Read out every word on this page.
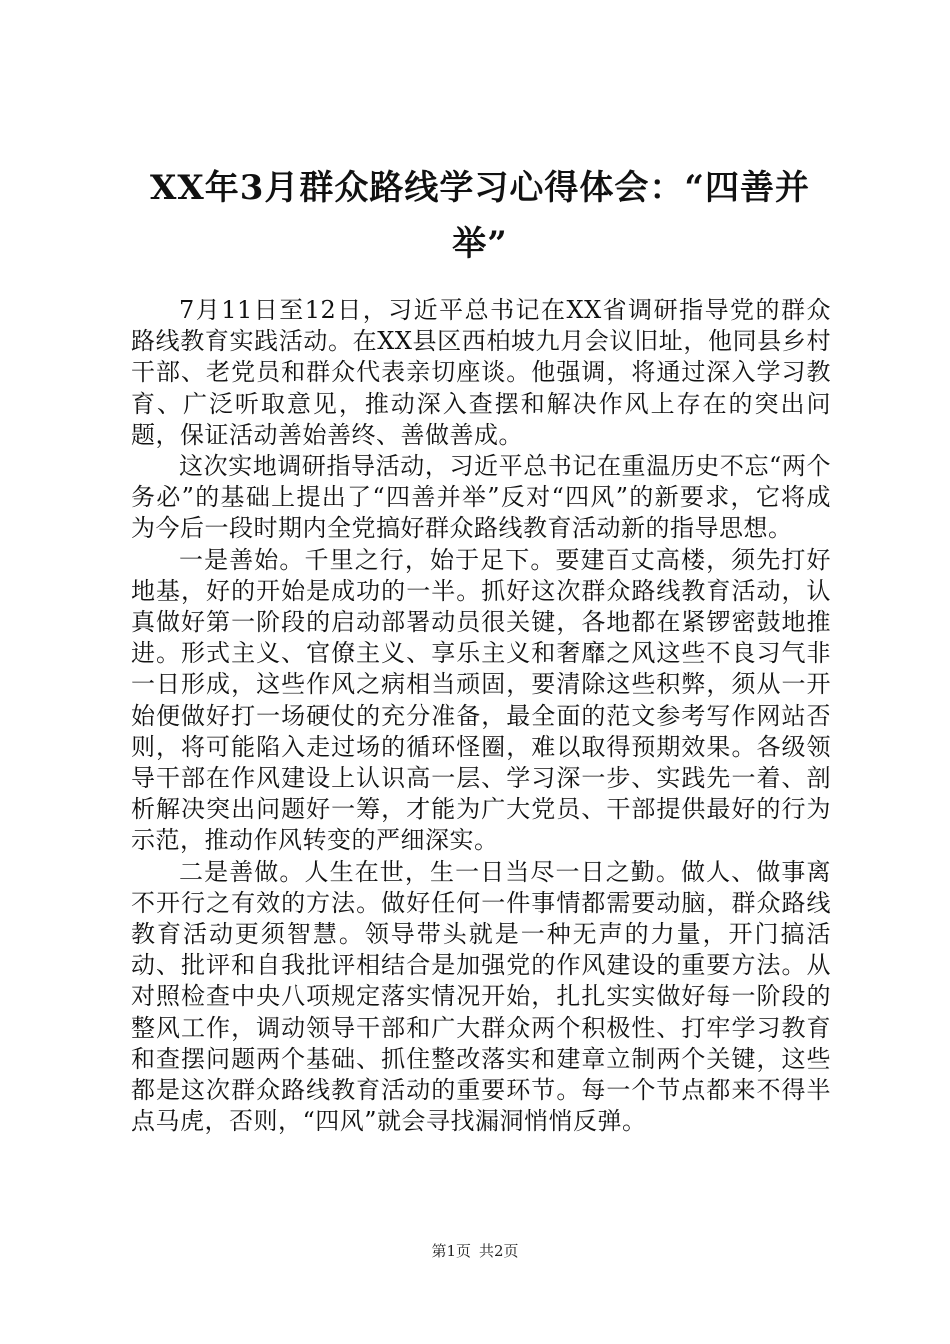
XX年3月群众路线学习心得体会：“四善并举”

7月11日至12日，习近平总书记在XX省调研指导党的群众路线教育实践活动。在XX县区西柏坡九月会议旧址，他同县乡村干部、老党员和群众代表亲切座谈。他强调，将通过深入学习教育、广泛听取意见，推动深入查摆和解决作风上存在的突出问题，保证活动善始善终、善做善成。

这次实地调研指导活动，习近平总书记在重温历史不忘“两个务必”的基础上提出了“四善并举”反对“四风”的新要求，它将成为今后一段时期内全党搞好群众路线教育活动新的指导思想。

一是善始。千里之行，始于足下。要建百丈高楼，须先打好地基，好的开始是成功的一半。抓好这次群众路线教育活动，认真做好第一阶段的启动部署动员很关键，各地都在紧锣密鼓地推进。形式主义、官僚主义、享乐主义和奢靡之风这些不良习气非一日形成，这些作风之病相当顽固，要清除这些积弊，须从一开始便做好打一场硬仗的充分准备，最全面的范文参考写作网站否则，将可能陷入走过场的循环怪圈，难以取得预期效果。各级领导干部在作风建设上认识高一层、学习深一步、实践先一着、剖析解决突出问题好一筹，才能为广大党员、干部提供最好的行为示范，推动作风转变的严细深实。

二是善做。人生在世，生一日当尽一日之勤。做人、做事离不开行之有效的方法。做好任何一件事情都需要动脑，群众路线教育活动更须智慧。领导带头就是一种无声的力量，开门搞活动、批评和自我批评相结合是加强党的作风建设的重要方法。从对照检查中央八项规定落实情况开始，扎扎实实做好每一阶段的整风工作，调动领导干部和广大群众两个积极性、打牢学习教育和查摆问题两个基础、抓住整改落实和建章立制两个关键，这些都是这次群众路线教育活动的重要环节。每一个节点都来不得半点马虎，否则，“四风”就会寻找漏洞悄悄反弹。

第1页 共2页
